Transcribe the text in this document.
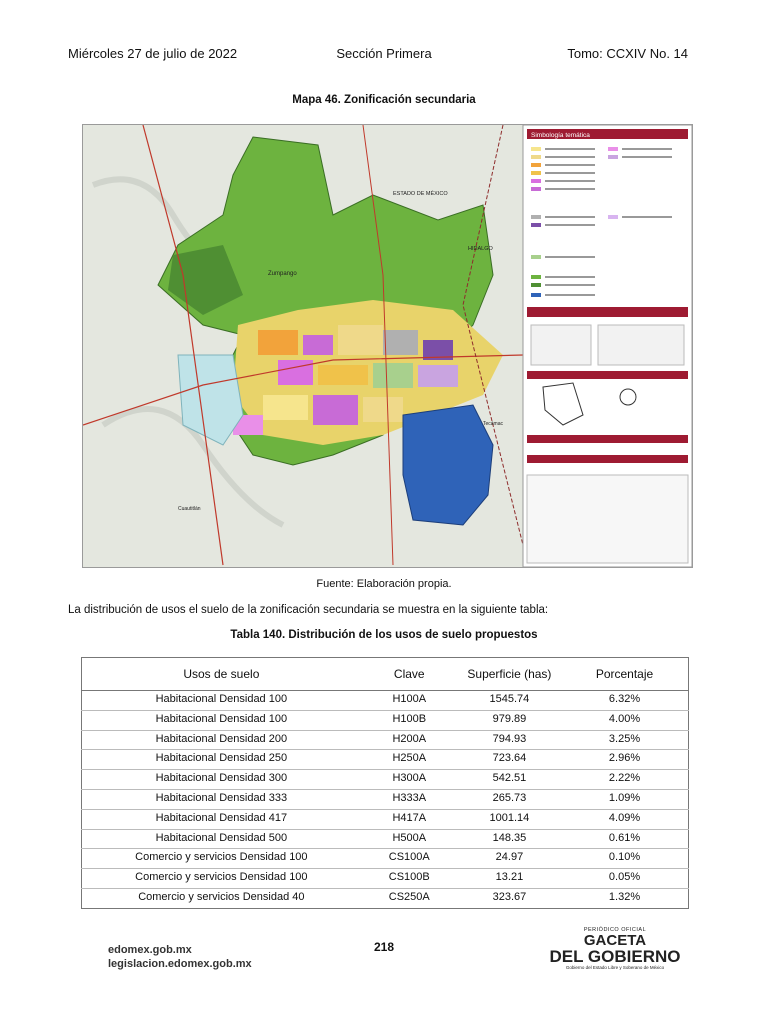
Miércoles 27 de julio de 2022	Sección Primera	Tomo: CCXIV No. 14
Mapa 46. Zonificación secundaria
Simbología temática
Zumpango
ESTADO DE MÉXICO
HIDALGO
Tecámac
Cuautitlán
Fuente: Elaboración propia.
La distribución de usos el suelo de la zonificación secundaria se muestra en la siguiente tabla:
Tabla 140. Distribución de los usos de suelo propuestos
Usos de suelo	Clave	Superficie (has)	Porcentaje
Habitacional Densidad 100	H100A	1545.74	6.32%
Habitacional Densidad 100	H100B	979.89	4.00%
Habitacional Densidad 200	H200A	794.93	3.25%
Habitacional Densidad 250	H250A	723.64	2.96%
Habitacional Densidad 300	H300A	542.51	2.22%
Habitacional Densidad 333	H333A	265.73	1.09%
Habitacional Densidad 417	H417A	1001.14	4.09%
Habitacional Densidad 500	H500A	148.35	0.61%
Comercio y servicios Densidad 100	CS100A	24.97	0.10%
Comercio y servicios Densidad 100	CS100B	13.21	0.05%
Comercio y servicios Densidad 40	CS250A	323.67	1.32%
edomex.gob.mx
legislacion.edomex.gob.mx
218
PERIÓDICO OFICIAL
GACETA
DEL GOBIERNO
Gobierno del Estado Libre y Soberano de México
